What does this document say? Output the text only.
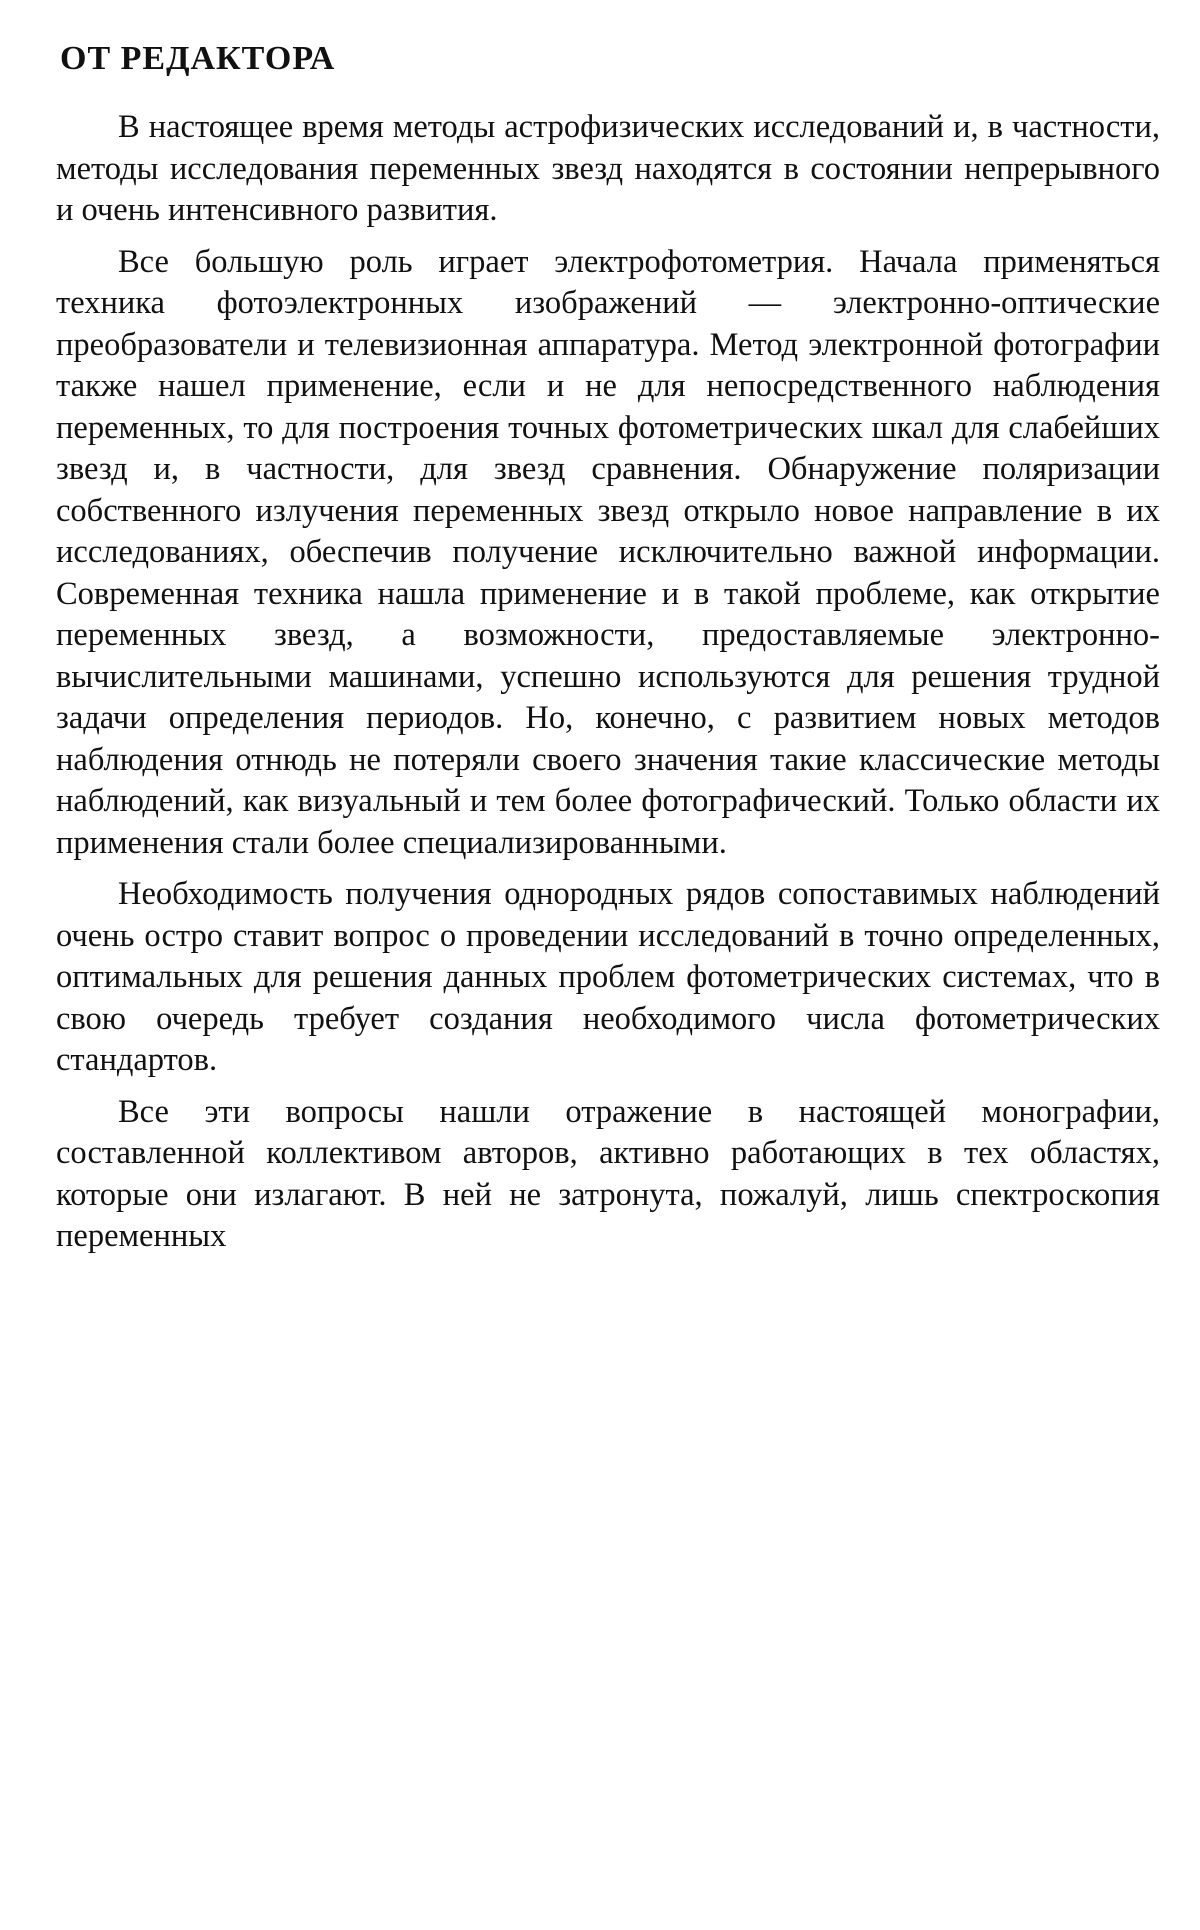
ОТ РЕДАКТОРА

В настоящее время методы астрофизических исследований и, в частности, методы исследования переменных звезд находятся в состоянии непрерывного и очень интенсивного развития.

Все большую роль играет электрофотометрия. Начала применяться техника фотоэлектронных изображений — электронно-оптические преобразователи и телевизионная аппаратура. Метод электронной фотографии также нашел применение, если и не для непосредственного наблюдения переменных, то для построения точных фотометрических шкал для слабейших звезд и, в частности, для звезд сравнения. Обнаружение поляризации собственного излучения переменных звезд открыло новое направление в их исследованиях, обеспечив получение исключительно важной информации. Современная техника нашла применение и в такой проблеме, как открытие переменных звезд, а возможности, предоставляемые электронно-вычислительными машинами, успешно используются для решения трудной задачи определения периодов. Но, конечно, с развитием новых методов наблюдения отнюдь не потеряли своего значения такие классические методы наблюдений, как визуальный и тем более фотографический. Только области их применения стали более специализированными.

Необходимость получения однородных рядов сопоставимых наблюдений очень остро ставит вопрос о проведении исследований в точно определенных, оптимальных для решения данных проблем фотометрических системах, что в свою очередь требует создания необходимого числа фотометрических стандартов.

Все эти вопросы нашли отражение в настоящей монографии, составленной коллективом авторов, активно работающих в тех областях, которые они излагают. В ней не затронута, пожалуй, лишь спектроскопия переменных
